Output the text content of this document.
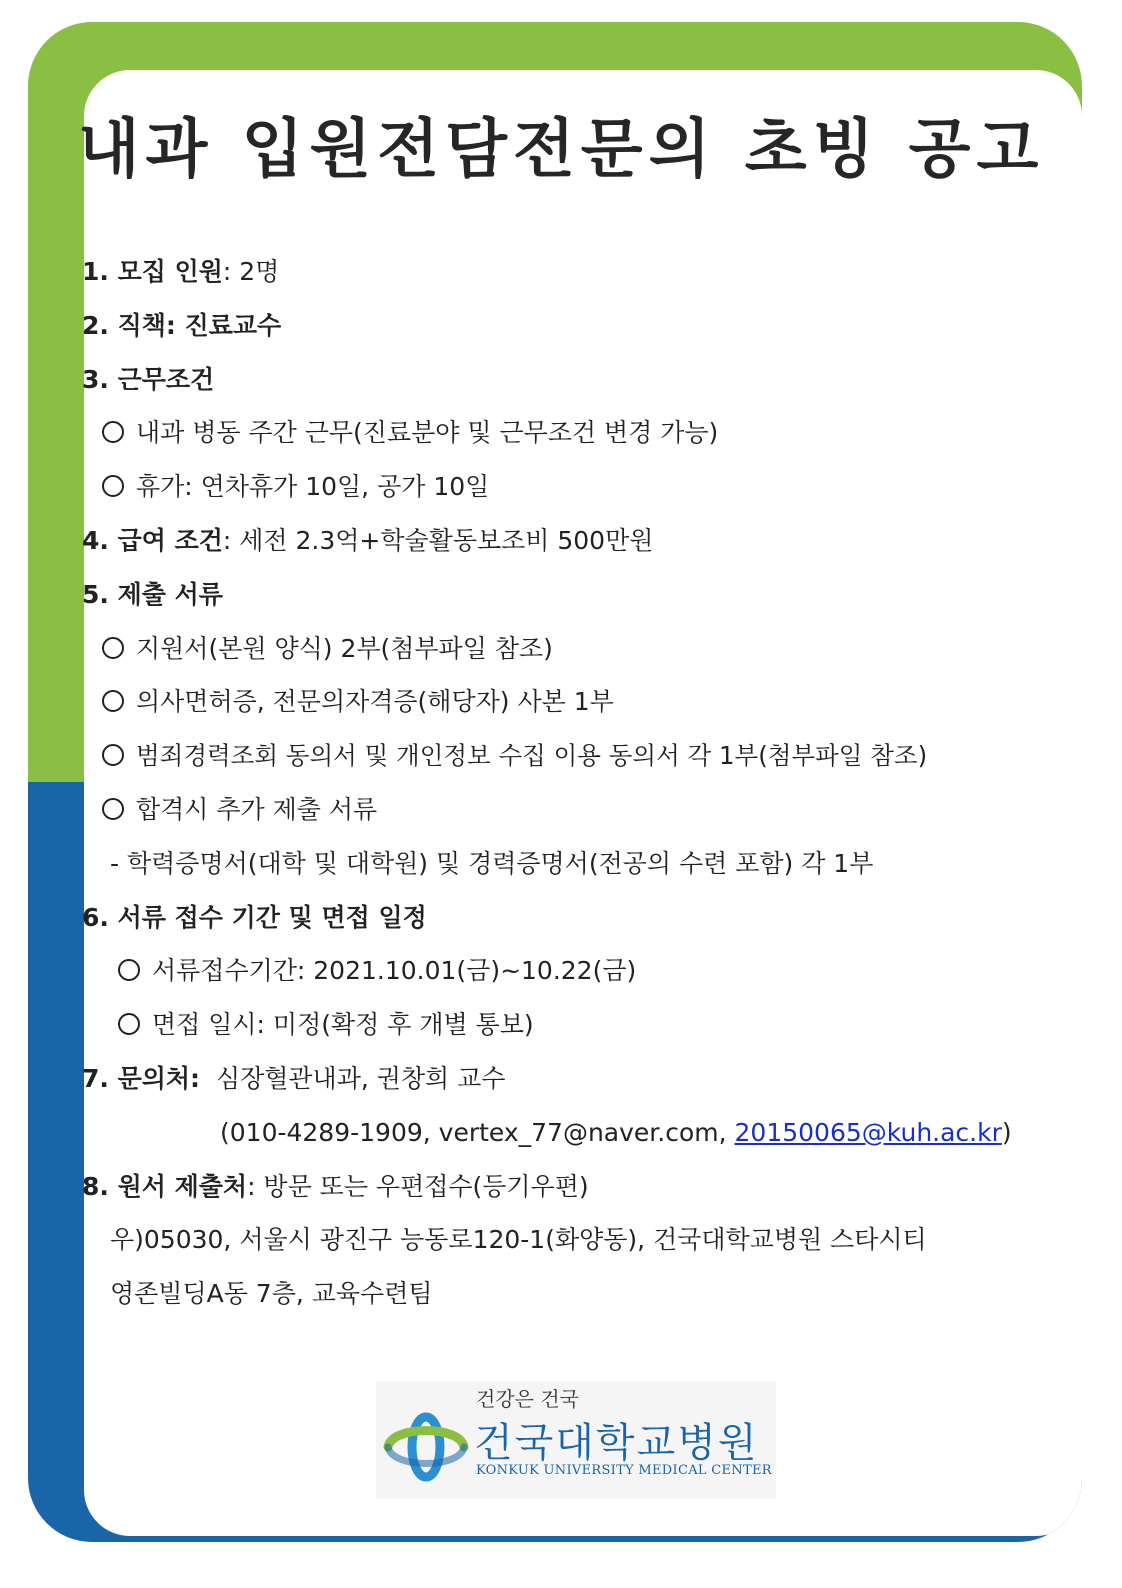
내과 입원전담전문의 초빙 공고
1. 모집 인원: 2명
2. 직책: 진료교수
3. 근무조건
내과 병동 주간 근무(진료분야 및 근무조건 변경 가능)
휴가: 연차휴가 10일, 공가 10일
4. 급여 조건: 세전 2.3억+학술활동보조비 500만원
5. 제출 서류
지원서(본원 양식) 2부(첨부파일 참조)
의사면허증, 전문의자격증(해당자) 사본 1부
범죄경력조회 동의서 및 개인정보 수집 이용 동의서 각 1부(첨부파일 참조)
합격시 추가 제출 서류
- 학력증명서(대학 및 대학원) 및 경력증명서(전공의 수련 포함) 각 1부
6. 서류 접수 기간 및 면접 일정
서류접수기간: 2021.10.01(금)~10.22(금)
면접 일시: 미정(확정 후 개별 통보)
7. 문의처: 심장혈관내과, 권창희 교수
(010-4289-1909, vertex_77@naver.com, 20150065@kuh.ac.kr)
8. 원서 제출처: 방문 또는 우편접수(등기우편)
우)05030, 서울시 광진구 능동로120-1(화양동), 건국대학교병원 스타시티
영존빌딩A동 7층, 교육수련팀
건강은 건국
건국대학교병원
KONKUK UNIVERSITY MEDICAL CENTER
